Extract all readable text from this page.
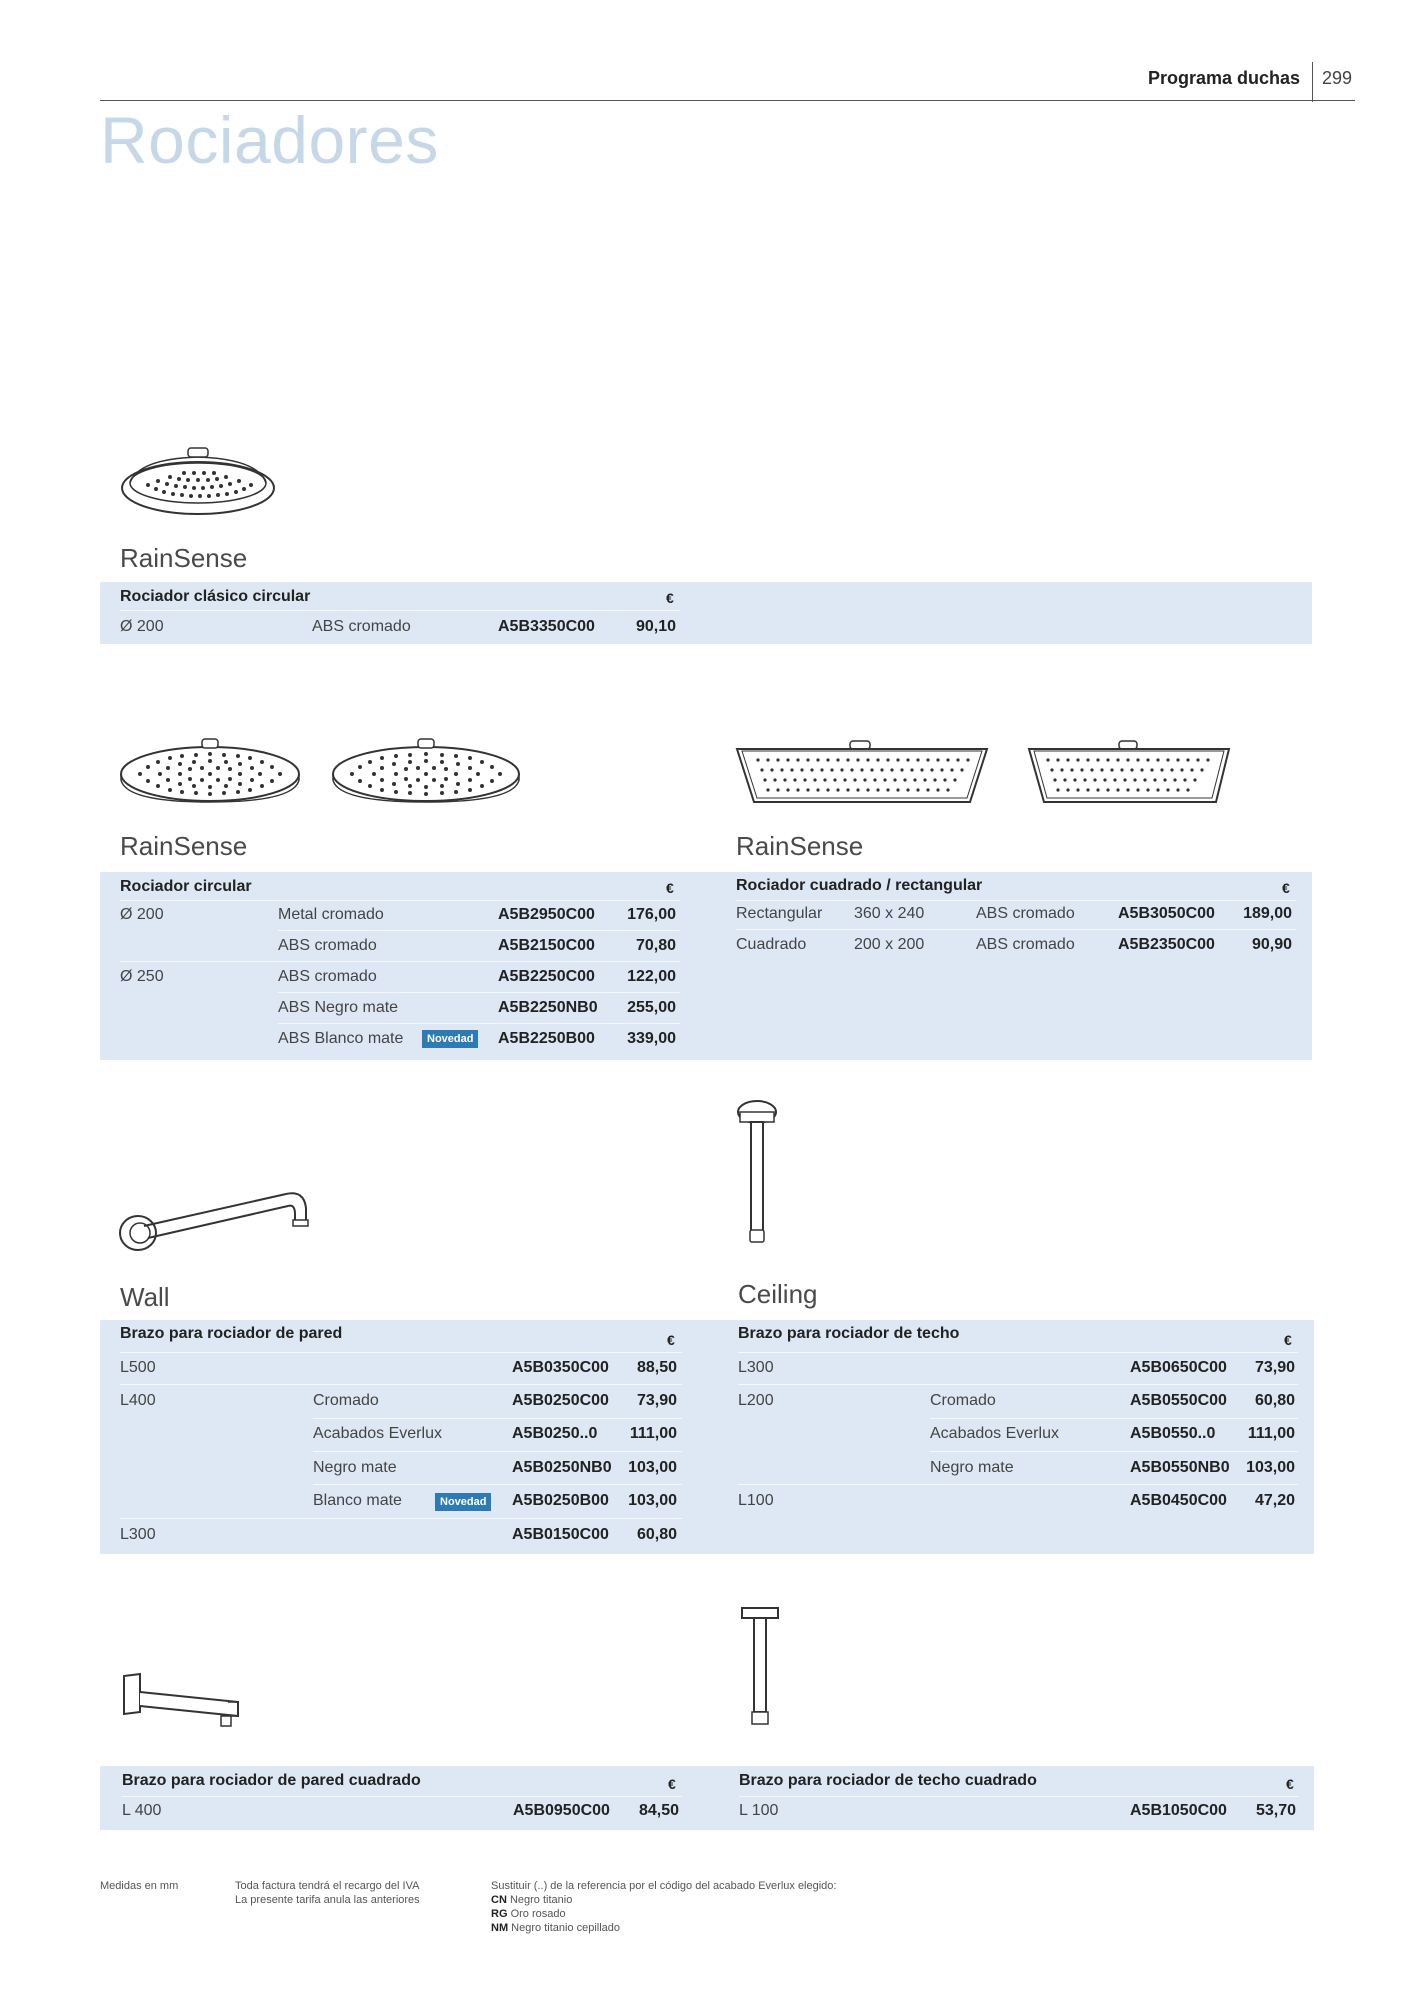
Programa duchas 299
Rociadores
RainSense
Rociador clásico circular	€
Ø 200	ABS cromado	A5B3350C00	90,10
RainSense
Rociador circular	€
Ø 200	Metal cromado	A5B2950C00	176,00
ABS cromado	A5B2150C00	70,80
Ø 250	ABS cromado	A5B2250C00	122,00
ABS Negro mate	A5B2250NB0	255,00
ABS Blanco mate	Novedad	A5B2250B00	339,00
Rociador cuadrado / rectangular	€
Rectangular 360 x 240	ABS cromado	A5B3050C00	189,00
Cuadrado	200 x 200	ABS cromado	A5B2350C00	90,90
RainSense
Wall	Ceiling
Brazo para rociador de pared	€
L500	A5B0350C00	88,50
L400	Cromado	A5B0250C00	73,90
Acabados Everlux	A5B0250..0	111,00
Negro mate	A5B0250NB0	103,00
Blanco mate	Novedad	A5B0250B00	103,00
L300	A5B0150C00	60,80
Brazo para rociador de techo	€
L300	A5B0650C00	73,90
L200	Cromado	A5B0550C00	60,80
Acabados Everlux	A5B0550..0	111,00
Negro mate	A5B0550NB0	103,00
L100	A5B0450C00	47,20
Brazo para rociador de pared cuadrado	€
L 400	A5B0950C00	84,50
Brazo para rociador de techo cuadrado	€
L 100	A5B1050C00	53,70
Medidas en mm	Toda factura tendrá el recargo del IVA
La presente tarifa anula las anteriores
Sustituir (..) de la referencia por el código del acabado Everlux elegido:
CN Negro titanio
RG Oro rosado
NM Negro titanio cepillado
